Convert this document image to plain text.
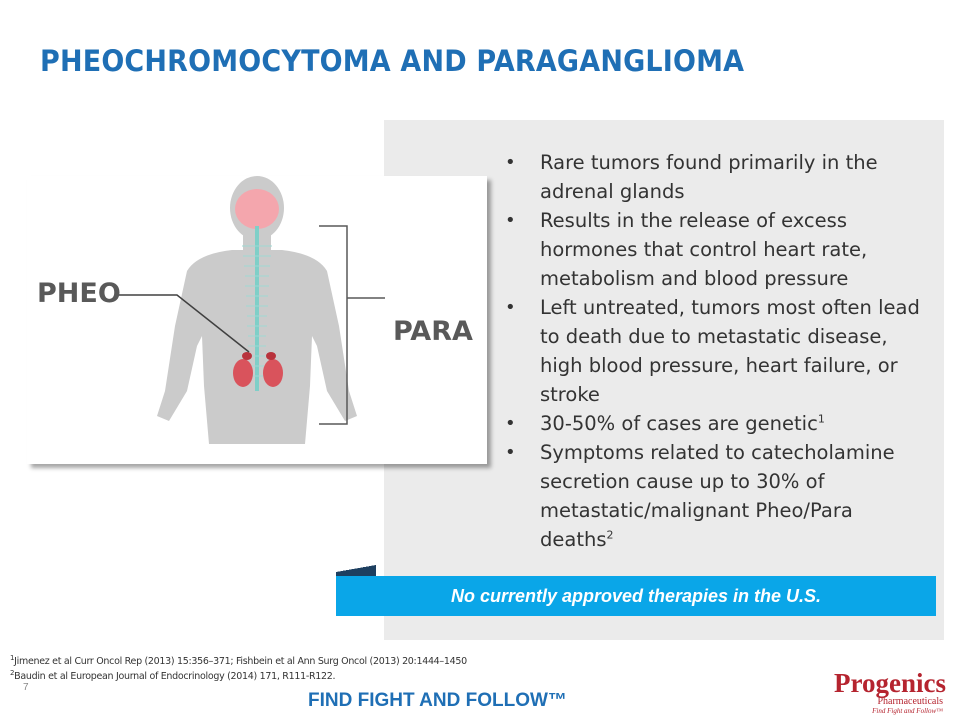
PHEOCHROMOCYTOMA AND PARAGANGLIOMA
PHEO
PARA
• Rare tumors found primarily in the adrenal glands
• Results in the release of excess hormones that control heart rate, metabolism and blood pressure
• Left untreated, tumors most often lead to death due to metastatic disease, high blood pressure, heart failure, or stroke
• 30-50% of cases are genetic$^1$
• Symptoms related to catecholamine secretion cause up to 30% of metastatic/malignant Pheo/Para deaths$^2$
No currently approved therapies in the U.S.
$^1$Jimenez et al Curr Oncol Rep (2013) 15:356–371; Fishbein et al Ann Surg Oncol (2013) 20:1444–1450
$^2$Baudin et al European Journal of Endocrinology (2014) 171, R111-R122.
7
FIND FIGHT AND FOLLOW™
Progenics
Pharmaceuticals
Find Fight and Follow™
